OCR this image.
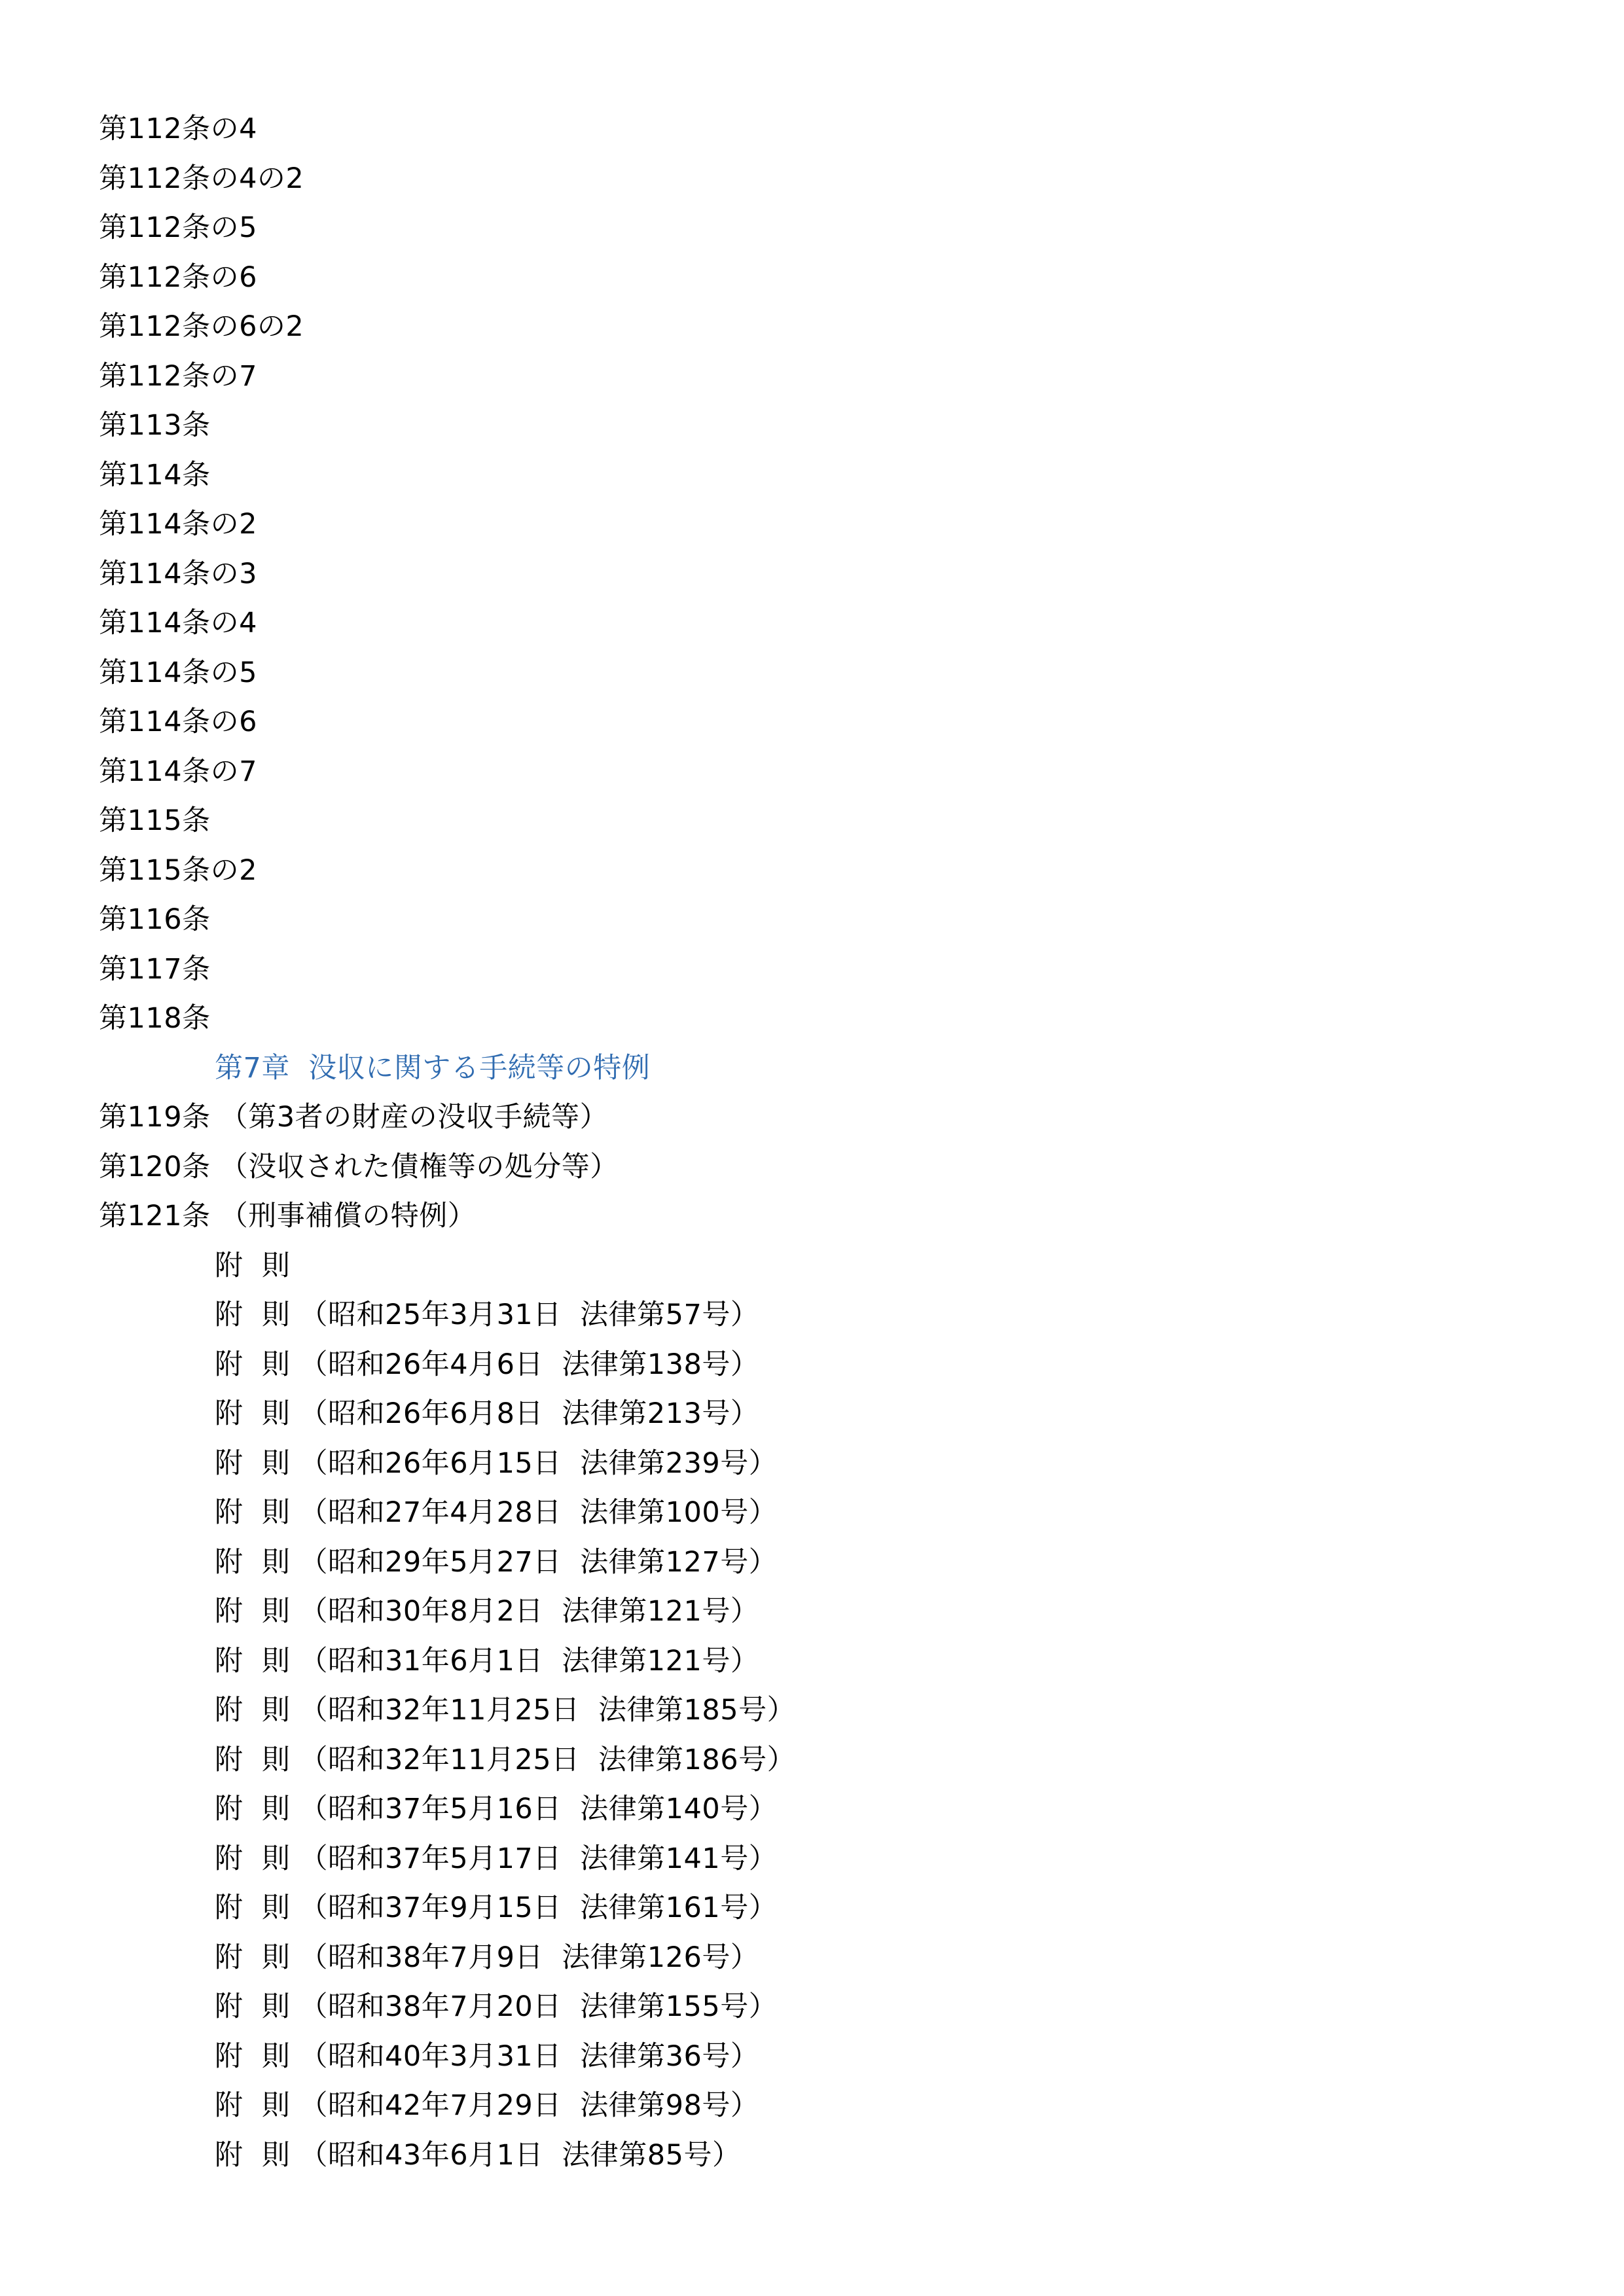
第112条の4
第112条の4の2
第112条の5
第112条の6
第112条の6の2
第112条の7
第113条
第114条
第114条の2
第114条の3
第114条の4
第114条の5
第114条の6
第114条の7
第115条
第115条の2
第116条
第117条
第118条
第7章  没収に関する手続等の特例
第119条 （第3者の財産の没収手続等）
第120条 （没収された債権等の処分等）
第121条 （刑事補償の特例）
附  則
附  則 （昭和25年3月31日  法律第57号）
附  則 （昭和26年4月6日  法律第138号）
附  則 （昭和26年6月8日  法律第213号）
附  則 （昭和26年6月15日  法律第239号）
附  則 （昭和27年4月28日  法律第100号）
附  則 （昭和29年5月27日  法律第127号）
附  則 （昭和30年8月2日  法律第121号）
附  則 （昭和31年6月1日  法律第121号）
附  則 （昭和32年11月25日  法律第185号）
附  則 （昭和32年11月25日  法律第186号）
附  則 （昭和37年5月16日  法律第140号）
附  則 （昭和37年5月17日  法律第141号）
附  則 （昭和37年9月15日  法律第161号）
附  則 （昭和38年7月9日  法律第126号）
附  則 （昭和38年7月20日  法律第155号）
附  則 （昭和40年3月31日  法律第36号）
附  則 （昭和42年7月29日  法律第98号）
附  則 （昭和43年6月1日  法律第85号）
